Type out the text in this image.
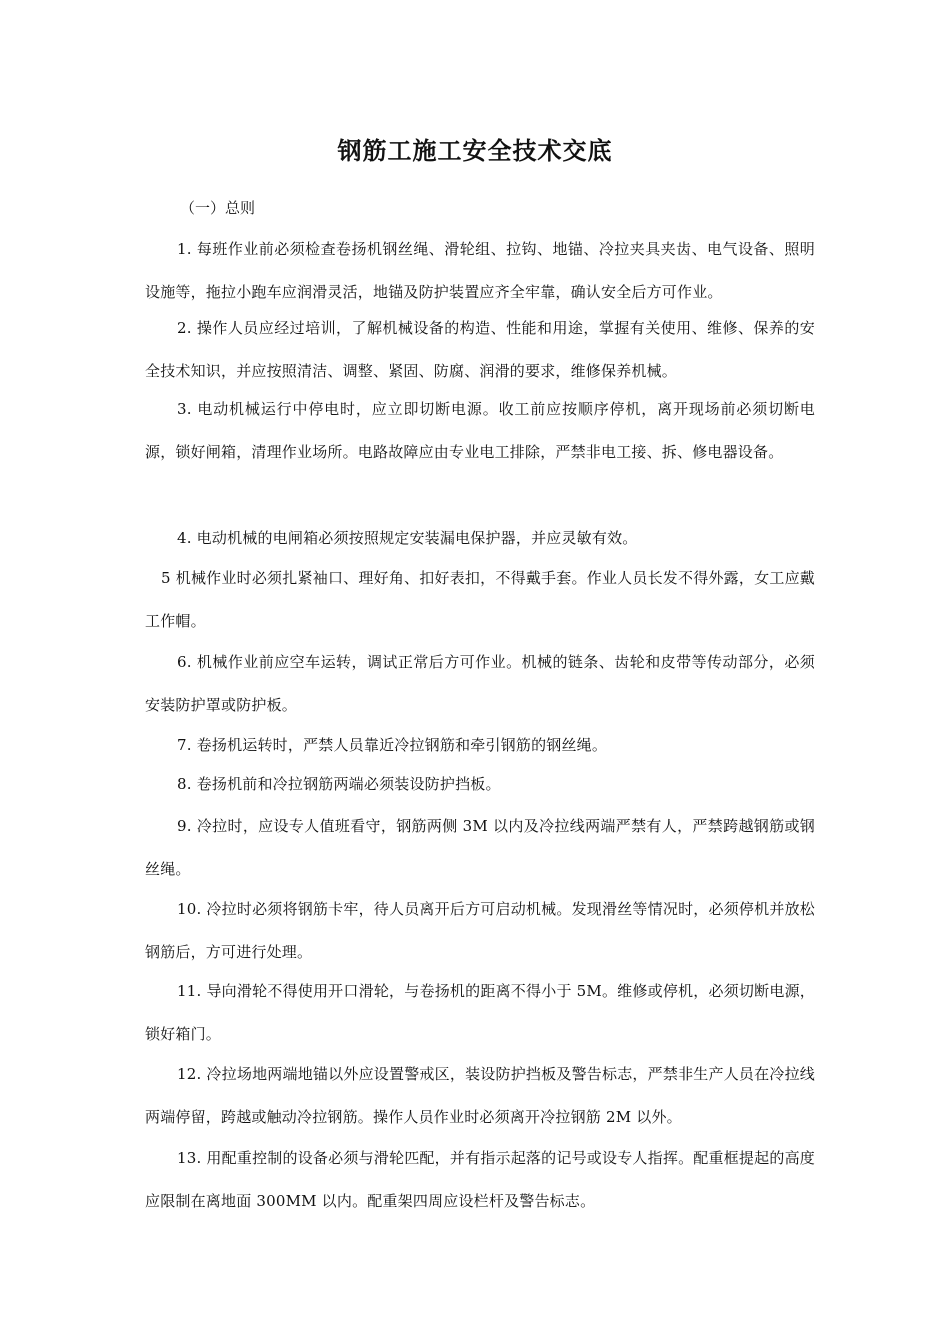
钢筋工施工安全技术交底
（一）总则
1. 每班作业前必须检查卷扬机钢丝绳、滑轮组、拉钩、地锚、冷拉夹具夹齿、电气设备、照明设施等，拖拉小跑车应润滑灵活，地锚及防护装置应齐全牢靠，确认安全后方可作业。
2. 操作人员应经过培训，了解机械设备的构造、性能和用途，掌握有关使用、维修、保养的安全技术知识，并应按照清洁、调整、紧固、防腐、润滑的要求，维修保养机械。
3. 电动机械运行中停电时，应立即切断电源。收工前应按顺序停机，离开现场前必须切断电源，锁好闸箱，清理作业场所。电路故障应由专业电工排除，严禁非电工接、拆、修电器设备。
4. 电动机械的电闸箱必须按照规定安装漏电保护器，并应灵敏有效。
5 机械作业时必须扎紧袖口、理好角、扣好表扣，不得戴手套。作业人员长发不得外露，女工应戴工作帽。
6. 机械作业前应空车运转，调试正常后方可作业。机械的链条、齿轮和皮带等传动部分，必须安装防护罩或防护板。
7. 卷扬机运转时，严禁人员靠近冷拉钢筋和牵引钢筋的钢丝绳。
8. 卷扬机前和冷拉钢筋两端必须装设防护挡板。
9. 冷拉时，应设专人值班看守，钢筋两侧 3M 以内及冷拉线两端严禁有人，严禁跨越钢筋或钢丝绳。
10. 冷拉时必须将钢筋卡牢，待人员离开后方可启动机械。发现滑丝等情况时，必须停机并放松钢筋后，方可进行处理。
11. 导向滑轮不得使用开口滑轮，与卷扬机的距离不得小于 5M。维修或停机，必须切断电源，锁好箱门。
12. 冷拉场地两端地锚以外应设置警戒区，装设防护挡板及警告标志，严禁非生产人员在冷拉线两端停留，跨越或触动冷拉钢筋。操作人员作业时必须离开冷拉钢筋 2M 以外。
13. 用配重控制的设备必须与滑轮匹配，并有指示起落的记号或设专人指挥。配重框提起的高度应限制在离地面 300MM 以内。配重架四周应设栏杆及警告标志。
